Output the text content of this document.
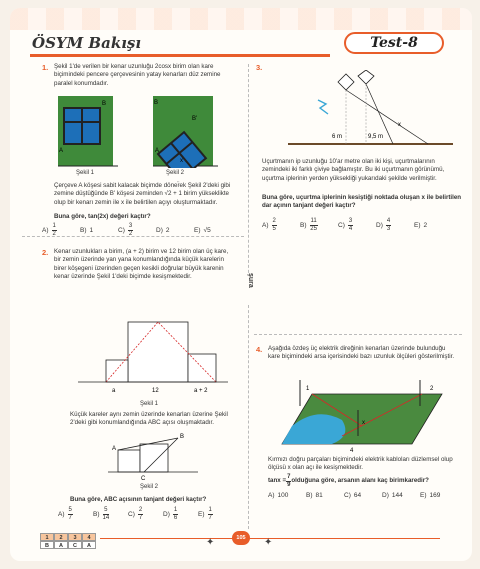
ÖSYM Bakışı	Test-8
şura
1. Şekil 1'de verilen bir kenar uzunluğu 2cosx birim olan kare biçimindeki pencere çerçevesinin yatay kenarları düz zemine paralel konumdadır.
A
B
A
B
B'
x
Şekil 1	Şekil 2
Çerçeve A köşesi sabit kalacak biçimde döner̈ek Şekil 2'deki gibi zemine düştüğünde B' köşesi zeminden √2 + 1 birim yükseklikte olup bir kenarı zemin ile x ile belirtilen açıyı oluşturmaktadır.
Buna göre, tan(2x) değeri kaçtır?
$A) \frac{1}{2}$	B) 1	$C) \frac{3}{2}$	D) 2	E) √5
2. Kenar uzunlukları a birim, (a + 2) birim ve 12 birim olan üç kare, bir zemin üzerinde yan yana konumlandığında küçük karelerin birer köşegeni üzerinden geçen kesikli doğrular büyük karenin kenar üzerinde Şekil 1'deki biçimde kesişmektedir.
a	12	a + 2
Şekil 1
Küçük kareler aynı zemin üzerinde kenarları üzerine Şekil 2'deki gibi konumlandığında ABC açısı oluşmaktadır.
A
B
C
Şekil 2
Buna göre, ABC açısının tanjant değeri kaçtır?
$A) \frac{5}{7}$	$B) \frac{5}{14}$	$C) \frac{2}{7}$	$D) \frac{1}{6}$	$E) \frac{1}{7}$
3.
6 m	9,5 m
x
Uçurtmanın ip uzunluğu 10'ar metre olan iki kişi, uçurtmalarının zemindeki iki farklı çiviye bağlamıştır. Bu iki uçurtmanın görünümü, uçurtma iplerinin yerden yüksekliği yukarıdaki şekilde verilmiştir.
Buna göre, uçurtma iplerinin kesiştiği noktada oluşan x ile belirtilen dar açının tanjant değeri kaçtır?
$A) \frac{2}{5}$	$B) \frac{11}{25}$	$C) \frac{3}{4}$	$D) \frac{4}{3}$	E) 2
4. Aşağıda özdeş üç elektrik direğinin kenarları üzerinde bulunduğu kare biçimindeki arsa içerisindeki bazı uzunluk ölçüleri gösterilmiştir.
1	2
4
x
Kırmızı doğru parçaları biçimindeki elektrik kabloları düzlemsel olup ölçüsü x olan açı ile kesişmektedir.
$\tan x = \frac{7}{9}$ olduğuna göre, arsanın alanı kaç birimkaredir?
A) 100	B) 81	C) 64	D) 144	E) 169
1	2	3	4
B	A	C	A
105
✦	✦
